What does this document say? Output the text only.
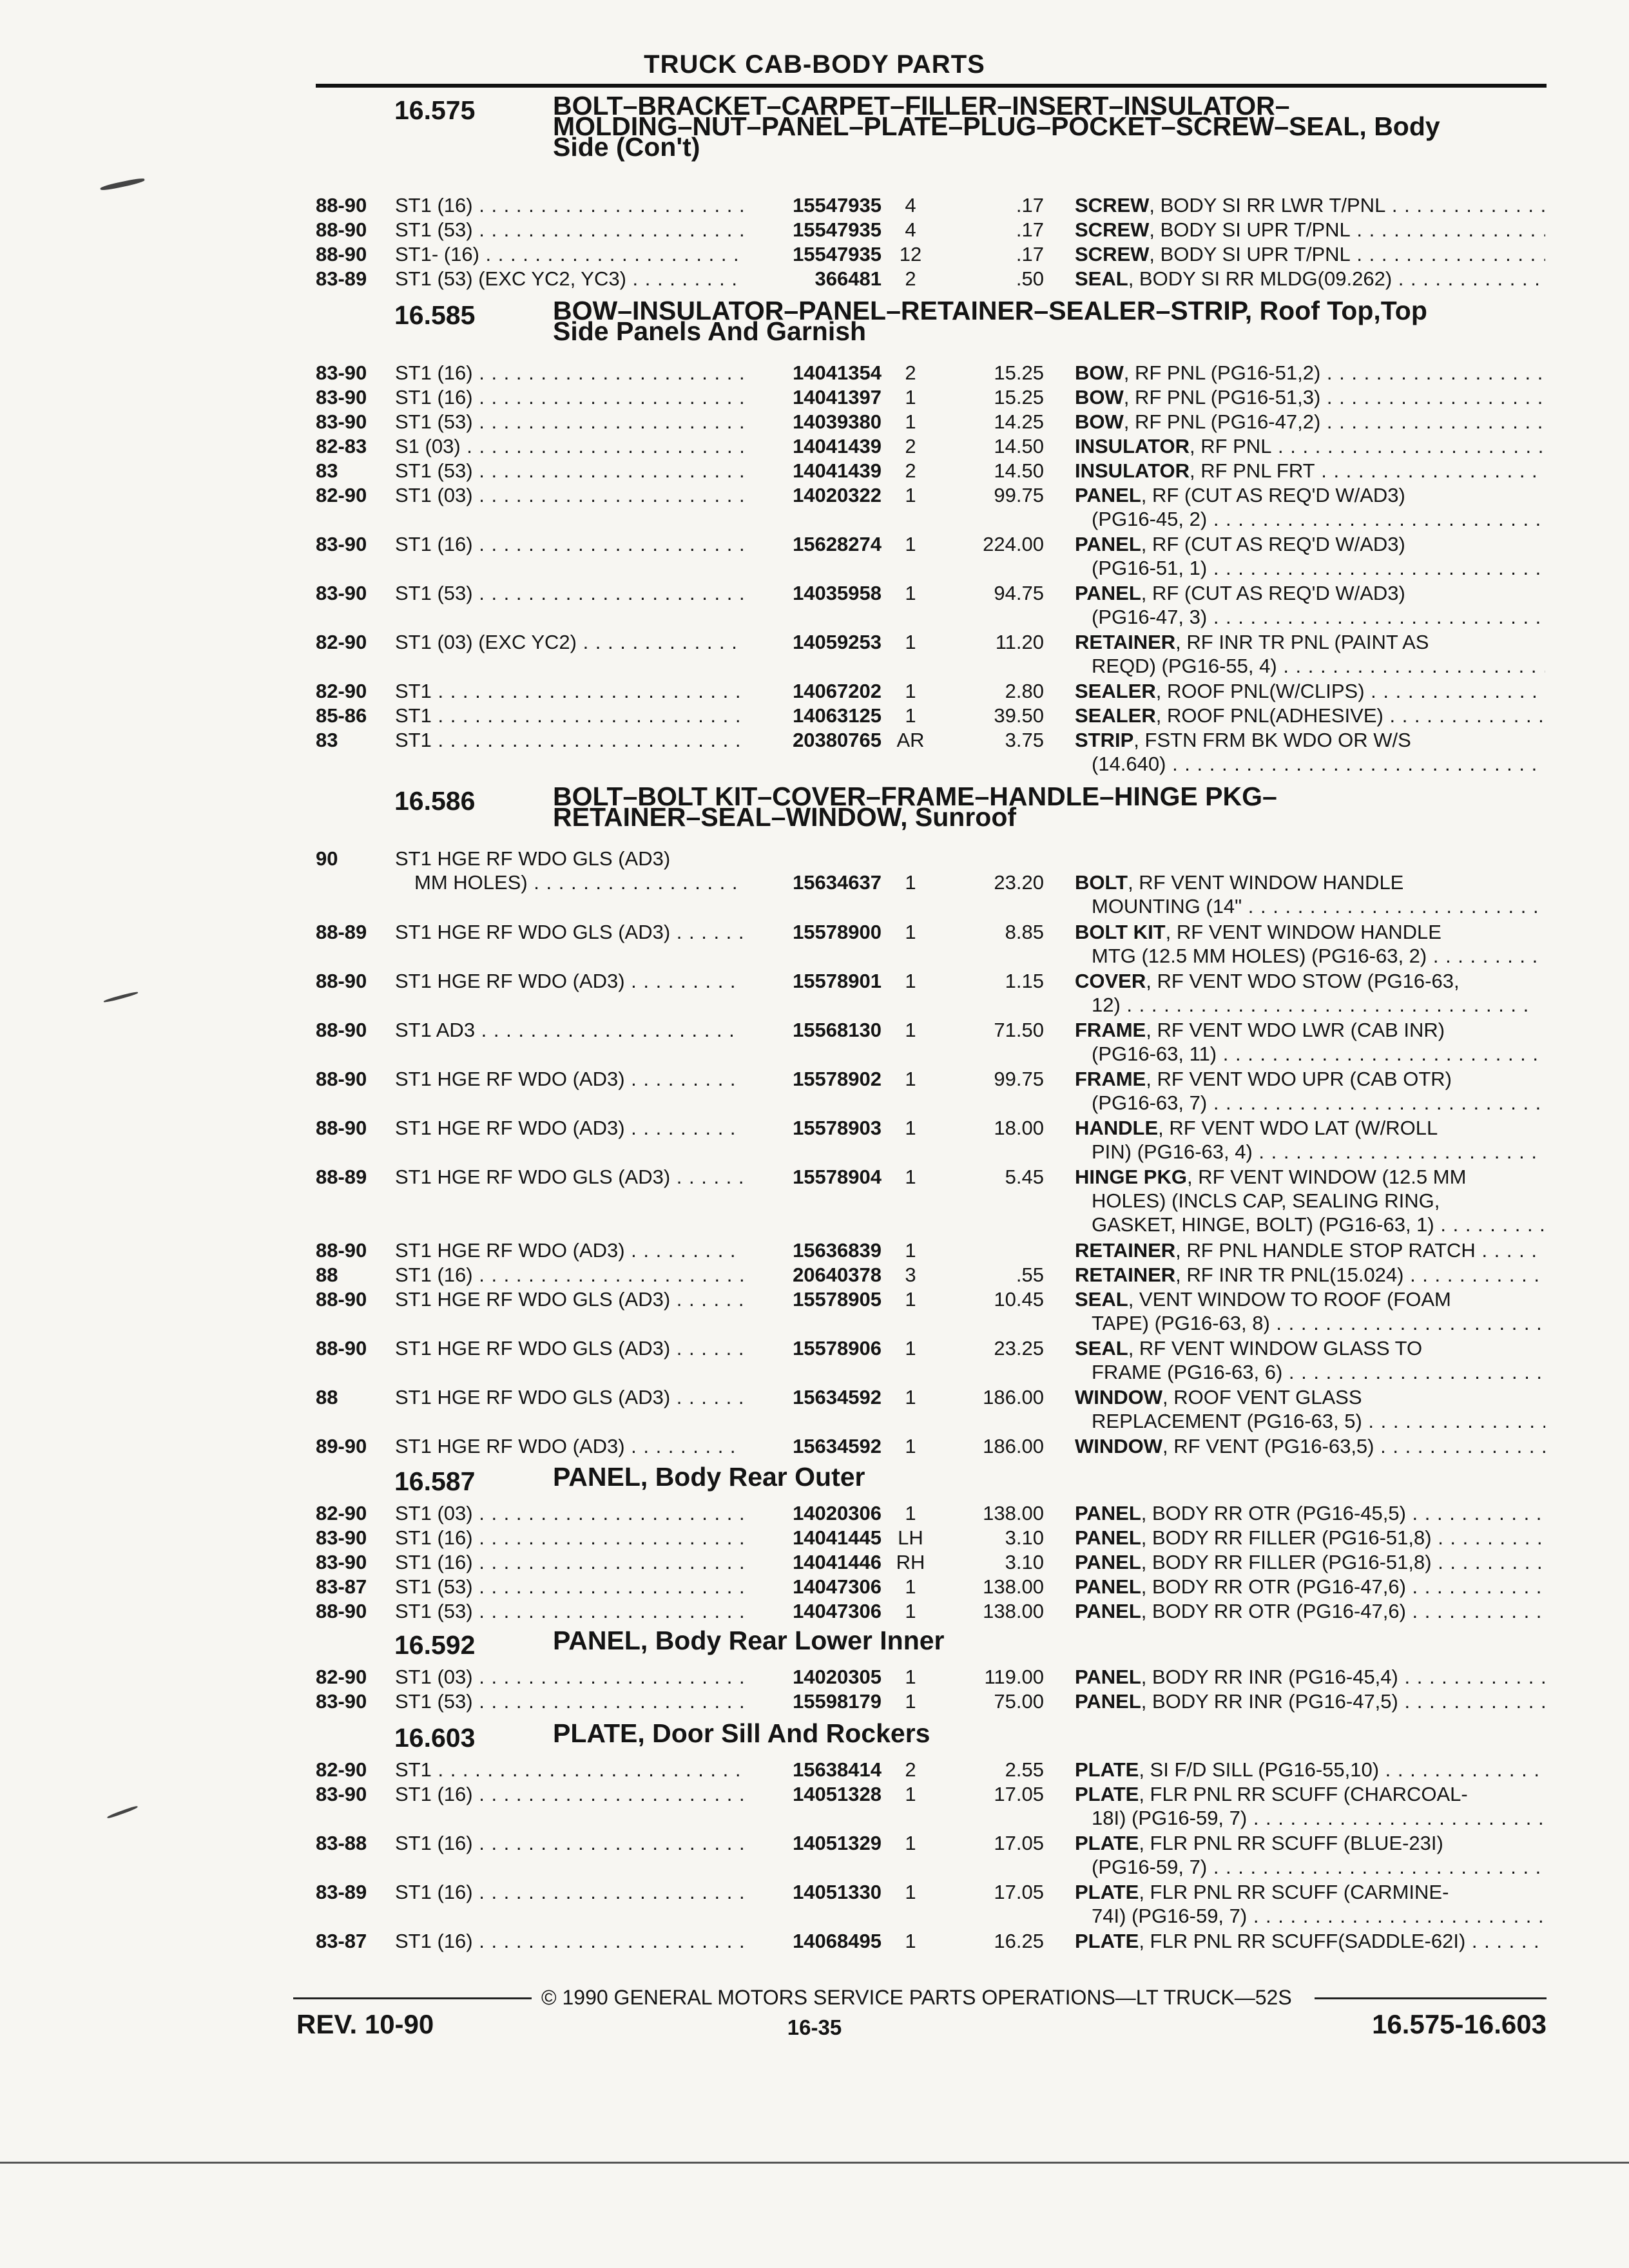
TRUCK CAB-BODY PARTS
16.575	BOLT–BRACKET–CARPET–FILLER–INSERT–INSULATOR–
MOLDING–NUT–PANEL–PLATE–PLUG–POCKET–SCREW–SEAL, Body
Side (Con't)
88-90 ST1 (16) . . .	15547935	4	.17 SCREW, BODY SI RR LWR T/PNL . . .
88-90 ST1 (53) . . .	15547935	4	.17 SCREW, BODY SI UPR T/PNL . . .
88-90 ST1- (16) . . .	15547935 12	.17 SCREW, BODY SI UPR T/PNL . . .
83-89 ST1 (53) (EXC YC2, YC3) . . .	366481	2	.50 SEAL, BODY SI RR MLDG(09.262) . . .
16.585	BOW–INSULATOR–PANEL–RETAINER–SEALER–STRIP, Roof Top,Top
Side Panels And Garnish
83-90 ST1 (16) . . .	14041354	2	15.25 BOW, RF PNL (PG16-51,2) . . .
83-90 ST1 (16) . . .	14041397	1	15.25 BOW, RF PNL (PG16-51,3) . . .
83-90 ST1 (53) . . .	14039380	1	14.25 BOW, RF PNL (PG16-47,2) . . .
82-83 S1 (03) . . .	14041439	2	14.50 INSULATOR, RF PNL . . .
83	ST1 (53) . . .	14041439	2	14.50 INSULATOR, RF PNL FRT . . .
82-90 ST1 (03) . . .	14020322	1	99.75 PANEL, RF (CUT AS REQ'D W/AD3)
(PG16-45, 2) . . .
83-90 ST1 (16) . . .	15628274	1	224.00 PANEL, RF (CUT AS REQ'D W/AD3)
(PG16-51, 1) . . .
83-90 ST1 (53) . . .	14035958	1	94.75 PANEL, RF (CUT AS REQ'D W/AD3)
(PG16-47, 3) . . .
82-90 ST1 (03) (EXC YC2) . . .	14059253	1	11.20 RETAINER, RF INR TR PNL (PAINT AS
REQD) (PG16-55, 4) . . .
82-90 ST1 . . .	14067202	1	2.80 SEALER, ROOF PNL(W/CLIPS) . . .
85-86 ST1 . . .	14063125	1	39.50 SEALER, ROOF PNL(ADHESIVE) . . .
83	ST1 . . .	20380765 AR	3.75 STRIP, FSTN FRM BK WDO OR W/S
(14.640) . . .
16.586	BOLT–BOLT KIT–COVER–FRAME–HANDLE–HINGE PKG–
RETAINER–SEAL–WINDOW, Sunroof
90	ST1 HGE RF WDO GLS (AD3)
MM HOLES) . . .	15634637	1	23.20 BOLT, RF VENT WINDOW HANDLE
MOUNTING (14" . . .
88-89 ST1 HGE RF WDO GLS (AD3) . . .	15578900	1	8.85 BOLT KIT, RF VENT WINDOW HANDLE
MTG (12.5 MM HOLES) (PG16-63, 2) . . .
88-90 ST1 HGE RF WDO (AD3) . . .	15578901	1	1.15 COVER, RF VENT WDO STOW (PG16-63,
12) . . .
88-90 ST1 AD3 . . .	15568130	1	71.50 FRAME, RF VENT WDO LWR (CAB INR)
(PG16-63, 11) . . .
88-90 ST1 HGE RF WDO (AD3) . . .	15578902	1	99.75 FRAME, RF VENT WDO UPR (CAB OTR)
(PG16-63, 7) . . .
88-90 ST1 HGE RF WDO (AD3) . . .	15578903	1	18.00 HANDLE, RF VENT WDO LAT (W/ROLL
PIN) (PG16-63, 4) . . .
88-89 ST1 HGE RF WDO GLS (AD3) . . .	15578904	1	5.45 HINGE PKG, RF VENT WINDOW (12.5 MM
HOLES) (INCLS CAP, SEALING RING,
GASKET, HINGE, BOLT) (PG16-63, 1) . . .
88-90 ST1 HGE RF WDO (AD3) . . .	15636839	1	RETAINER, RF PNL HANDLE STOP RATCH . . .
88	ST1 (16) . . .	20640378	3	.55 RETAINER, RF INR TR PNL(15.024) . . .
88-90 ST1 HGE RF WDO GLS (AD3) . . .	15578905	1	10.45 SEAL, VENT WINDOW TO ROOF (FOAM
TAPE) (PG16-63, 8) . . .
88-90 ST1 HGE RF WDO GLS (AD3) . . .	15578906	1	23.25 SEAL, RF VENT WINDOW GLASS TO
FRAME (PG16-63, 6) . . .
88	ST1 HGE RF WDO GLS (AD3) . . .	15634592	1	186.00 WINDOW, ROOF VENT GLASS
REPLACEMENT (PG16-63, 5) . . .
89-90 ST1 HGE RF WDO (AD3) . . .	15634592	1	186.00 WINDOW, RF VENT (PG16-63,5) . . .
16.587	PANEL, Body Rear Outer
82-90 ST1 (03) . . .	14020306	1	138.00 PANEL, BODY RR OTR (PG16-45,5) . . .
83-90 ST1 (16) . . .	14041445 LH	3.10 PANEL, BODY RR FILLER (PG16-51,8) . . .
83-90 ST1 (16) . . .	14041446 RH	3.10 PANEL, BODY RR FILLER (PG16-51,8) . . .
83-87 ST1 (53) . . .	14047306	1	138.00 PANEL, BODY RR OTR (PG16-47,6) . . .
88-90 ST1 (53) . . .	14047306	1	138.00 PANEL, BODY RR OTR (PG16-47,6) . . .
16.592	PANEL, Body Rear Lower Inner
82-90 ST1 (03) . . .	14020305	1	119.00 PANEL, BODY RR INR (PG16-45,4) . . .
83-90 ST1 (53) . . .	15598179	1	75.00 PANEL, BODY RR INR (PG16-47,5) . . .
16.603	PLATE, Door Sill And Rockers
82-90 ST1 . . .	15638414	2	2.55 PLATE, SI F/D SILL (PG16-55,10) . . .
83-90 ST1 (16) . . .	14051328	1	17.05 PLATE, FLR PNL RR SCUFF (CHARCOAL-
18I) (PG16-59, 7) . . .
83-88 ST1 (16) . . .	14051329	1	17.05 PLATE, FLR PNL RR SCUFF (BLUE-23I)
(PG16-59, 7) . . .
83-89 ST1 (16) . . .	14051330	1	17.05 PLATE, FLR PNL RR SCUFF (CARMINE-
74I) (PG16-59, 7) . . .
83-87 ST1 (16) . . .	14068495	1	16.25 PLATE, FLR PNL RR SCUFF(SADDLE-62I) . . .
© 1990 GENERAL MOTORS SERVICE PARTS OPERATIONS—LT TRUCK—52S
REV. 10-90	16-35	16.575-16.603
